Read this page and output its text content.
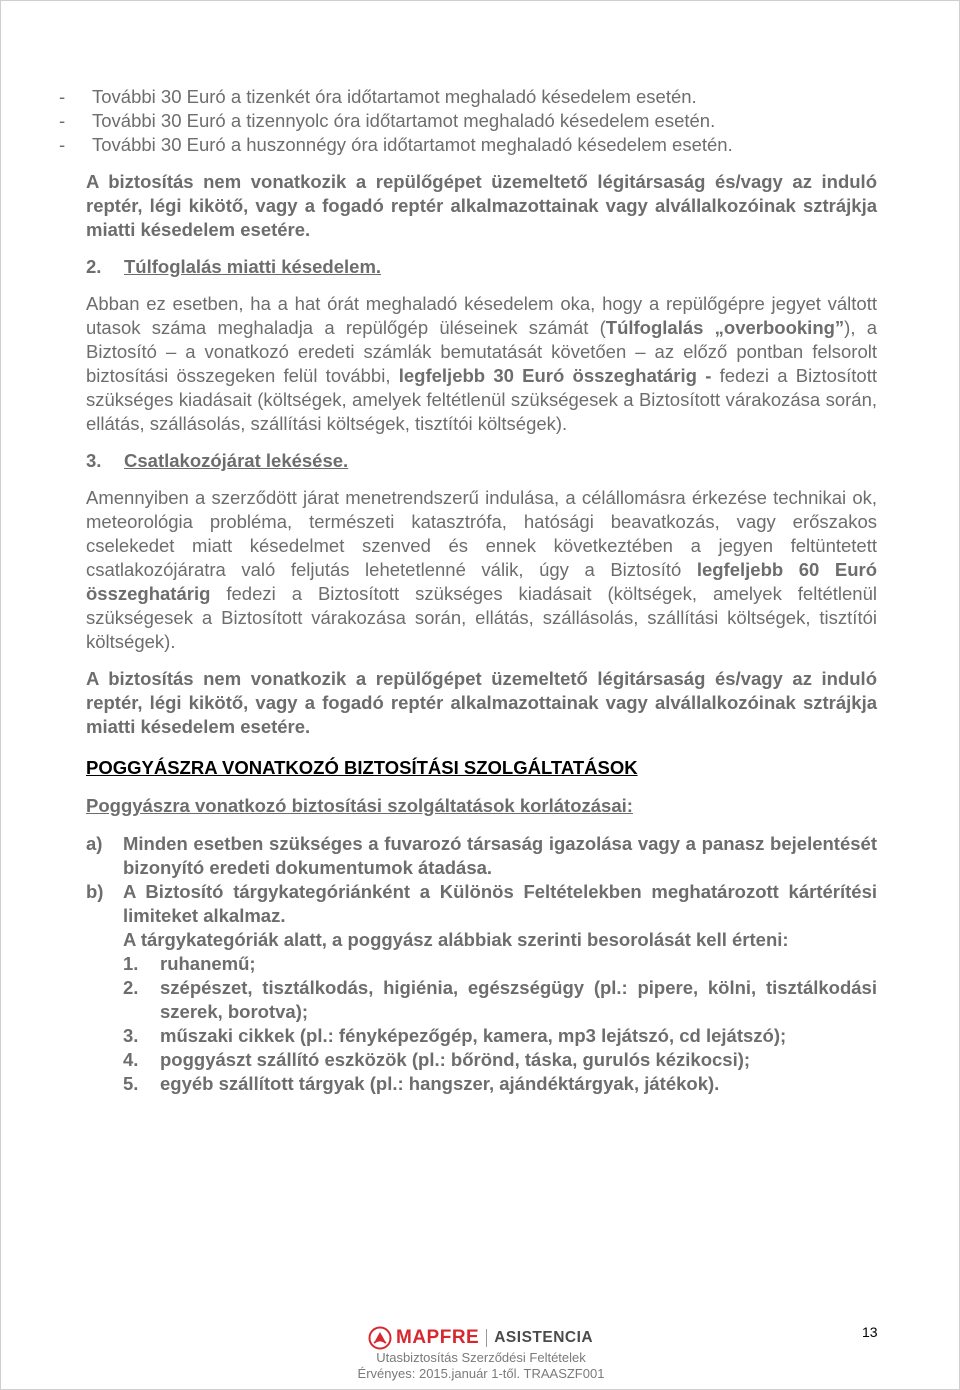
- További 30 Euró a tizenkét óra időtartamot meghaladó késedelem esetén.
- További 30 Euró a tizennyolc óra időtartamot meghaladó késedelem esetén.
- További 30 Euró a huszonnégy óra időtartamot meghaladó késedelem esetén.

A biztosítás nem vonatkozik a repülőgépet üzemeltető légitársaság és/vagy az induló reptér, légi kikötő, vagy a fogadó reptér alkalmazottainak vagy alvállalkozóinak sztrájkja miatti késedelem esetére.

2. Túlfoglalás miatti késedelem.

Abban ez esetben, ha a hat órát meghaladó késedelem oka, hogy a repülőgépre jegyet váltott utasok száma meghaladja a repülőgép üléseinek számát (Túlfoglalás „overbooking”), a Biztosító – a vonatkozó eredeti számlák bemutatását követően – az előző pontban felsorolt biztosítási összegeken felül további, legfeljebb 30 Euró összeghatárig - fedezi a Biztosított szükséges kiadásait (költségek, amelyek feltétlenül szükségesek a Biztosított várakozása során, ellátás, szállásolás, szállítási költségek, tisztítói költségek).

3. Csatlakozójárat lekésése.

Amennyiben a szerződött járat menetrendszerű indulása, a célállomásra érkezése technikai ok, meteorológia probléma, természeti katasztrófa, hatósági beavatkozás, vagy erőszakos cselekedet miatt késedelmet szenved és ennek következtében a jegyen feltüntetett csatlakozójáratra való feljutás lehetetlenné válik, úgy a Biztosító legfeljebb 60 Euró összeghatárig fedezi a Biztosított szükséges kiadásait (költségek, amelyek feltétlenül szükségesek a Biztosított várakozása során, ellátás, szállásolás, szállítási költségek, tisztítói költségek).

A biztosítás nem vonatkozik a repülőgépet üzemeltető légitársaság és/vagy az induló reptér, légi kikötő, vagy a fogadó reptér alkalmazottainak vagy alvállalkozóinak sztrájkja miatti késedelem esetére.

POGGYÁSZRA VONATKOZÓ BIZTOSÍTÁSI SZOLGÁLTATÁSOK
Poggyászra vonatkozó biztosítási szolgáltatások korlátozásai:
a) Minden esetben szükséges a fuvarozó társaság igazolása vagy a panasz bejelentését bizonyító eredeti dokumentumok átadása.
b) A Biztosító tárgykategóriánként a Különös Feltételekben meghatározott kártérítési limiteket alkalmaz.
A tárgykategóriák alatt, a poggyász alábbiak szerinti besorolását kell érteni:
1. ruhanemű;
2. szépészet, tisztálkodás, higiénia, egészségügy (pl.: pipere, kölni, tisztálkodási szerek, borotva);
3. műszaki cikkek (pl.: fényképezőgép, kamera, mp3 lejátszó, cd lejátszó);
4. poggyászt szállító eszközök (pl.: bőrönd, táska, gurulós kézikocsi);
5. egyéb szállított tárgyak (pl.: hangszer, ajándéktárgyak, játékok).
MAPFRE ASISTENCIA
Utasbiztosítás Szerződési Feltételek
Érvényes: 2015.január 1-től. TRAASZF001
13
